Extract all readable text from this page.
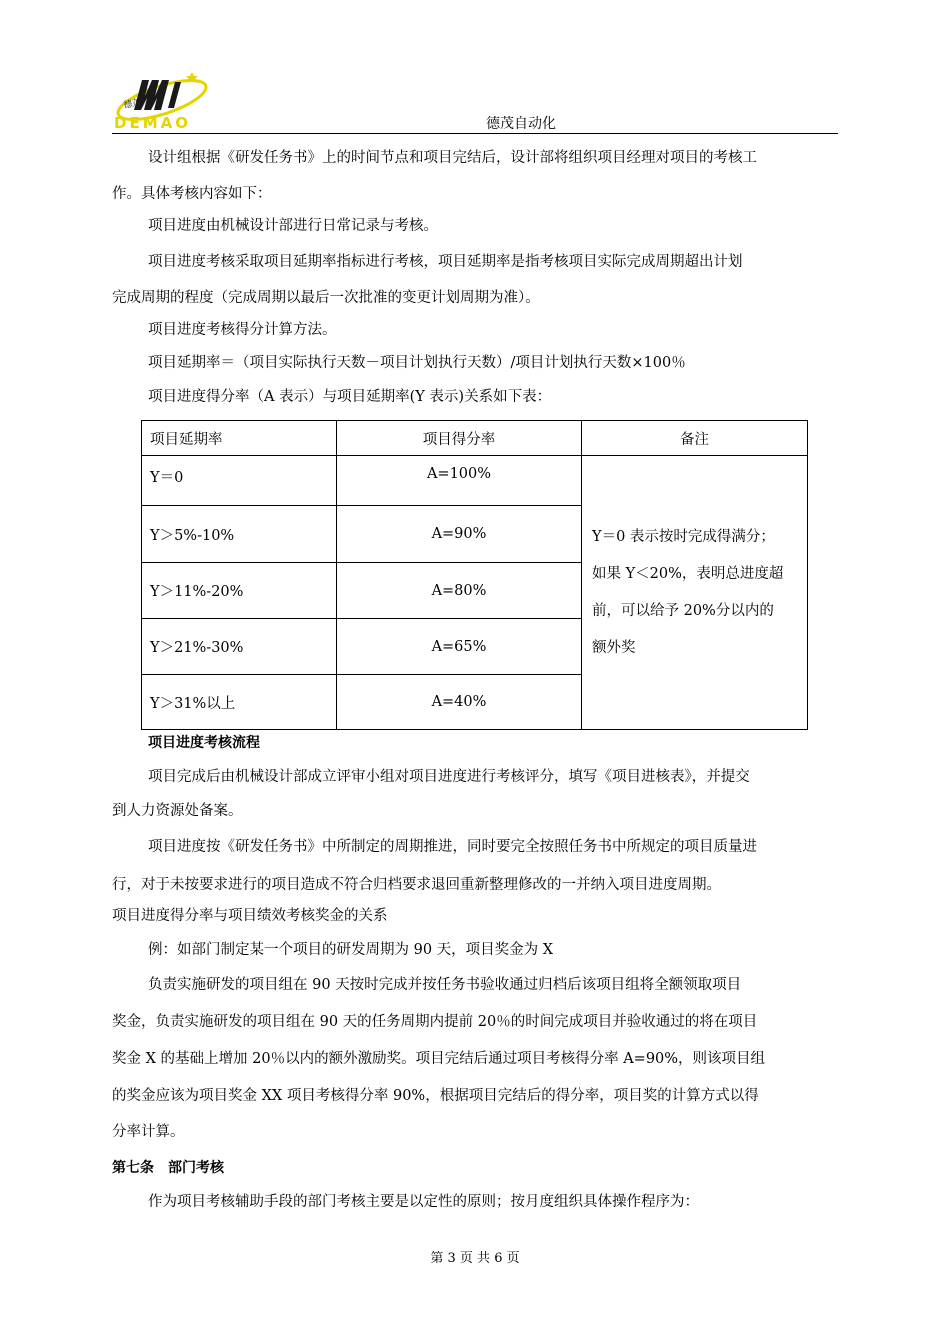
德茂
DEMAO	德茂自动化
设计组根据《研发任务书》上的时间节点和项目完结后，设计部将组织项目经理对项目的考核工
作。具体考核内容如下：
项目进度由机械设计部进行日常记录与考核。
项目进度考核采取项目延期率指标进行考核，项目延期率是指考核项目实际完成周期超出计划
完成周期的程度（完成周期以最后一次批准的变更计划周期为准）。
项目进度考核得分计算方法。
项目延期率＝（项目实际执行天数－项目计划执行天数）/项目计划执行天数×100％
项目进度得分率（A 表示）与项目延期率(Y 表示)关系如下表：
项目延期率	项目得分率	备注
Y＝0	A=100%	Y＝0 表示按时完成得满分；
如果 Y＜20%，表明总进度超
前，可以给予 20%分以内的
额外奖

Y＞5%-10%	A=90%	
Y＞11%-20%	A=80%	
Y＞21%-30%	A=65%	
Y＞31%以上	A=40%	
项目进度考核流程
项目完成后由机械设计部成立评审小组对项目进度进行考核评分，填写《项目进核表》，并提交
到人力资源处备案。
项目进度按《研发任务书》中所制定的周期推进，同时要完全按照任务书中所规定的项目质量进
行，对于未按要求进行的项目造成不符合归档要求退回重新整理修改的一并纳入项目进度周期。
项目进度得分率与项目绩效考核奖金的关系
例：如部门制定某一个项目的研发周期为 90 天，项目奖金为 X
负责实施研发的项目组在 90 天按时完成并按任务书验收通过归档后该项目组将全额领取项目
奖金，负责实施研发的项目组在 90 天的任务周期内提前 20％的时间完成项目并验收通过的将在项目
奖金 X 的基础上增加 20％以内的额外激励奖。项目完结后通过项目考核得分率 A=90%，则该项目组
的奖金应该为项目奖金 XX 项目考核得分率 90%，根据项目完结后的得分率，项目奖的计算方式以得
分率计算。
第七条　部门考核
作为项目考核辅助手段的部门考核主要是以定性的原则；按月度组织具体操作程序为：
第 3 页 共 6 页
